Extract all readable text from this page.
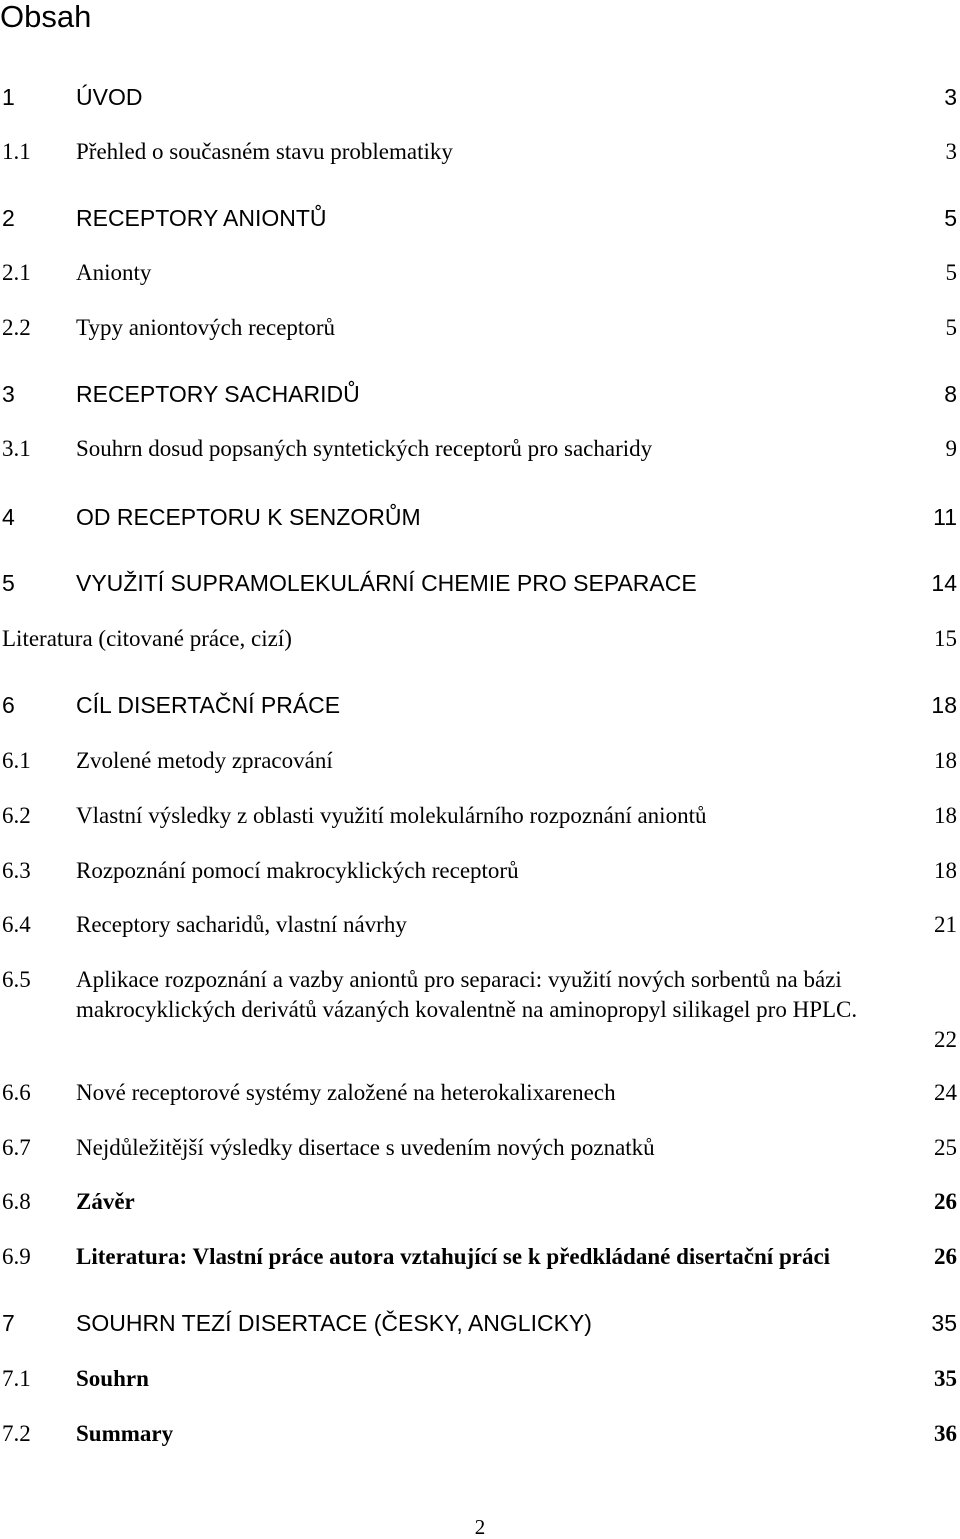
Obsah
1	ÚVOD	3
1.1 Přehled o současném stavu problematiky	3
2	RECEPTORY ANIONTŮ	5
2.1 Anionty	5
2.2 Typy aniontových receptorů	5
3	RECEPTORY SACHARIDŮ	8
3.1 Souhrn dosud popsaných syntetických receptorů pro sacharidy	9
4	OD RECEPTORU K SENZORŮM	11
5	VYUŽITÍ SUPRAMOLEKULÁRNÍ CHEMIE PRO SEPARACE	14
Literatura (citované práce, cizí)	15
6	CÍL DISERTAČNÍ PRÁCE	18
6.1 Zvolené metody zpracování	18
6.2 Vlastní výsledky z oblasti využití molekulárního rozpoznání aniontů	18
6.3 Rozpoznání pomocí makrocyklických receptorů	18
6.4 Receptory sacharidů, vlastní návrhy	21
6.5 Aplikace rozpoznání a vazby aniontů pro separaci: využití nových sorbentů na bázi makrocyklických derivátů vázaných kovalentně na aminopropyl silikagel pro HPLC.
22
6.6 Nové receptorové systémy založené na heterokalixarenech	24
6.7 Nejdůležitější výsledky disertace s uvedením nových poznatků	25
6.8 Závěr	26
6.9 Literatura: Vlastní práce autora vztahující se k předkládané disertační práci	26
7	SOUHRN TEZÍ DISERTACE (ČESKY, ANGLICKY)	35
7.1 Souhrn	35
7.2 Summary	36
2
